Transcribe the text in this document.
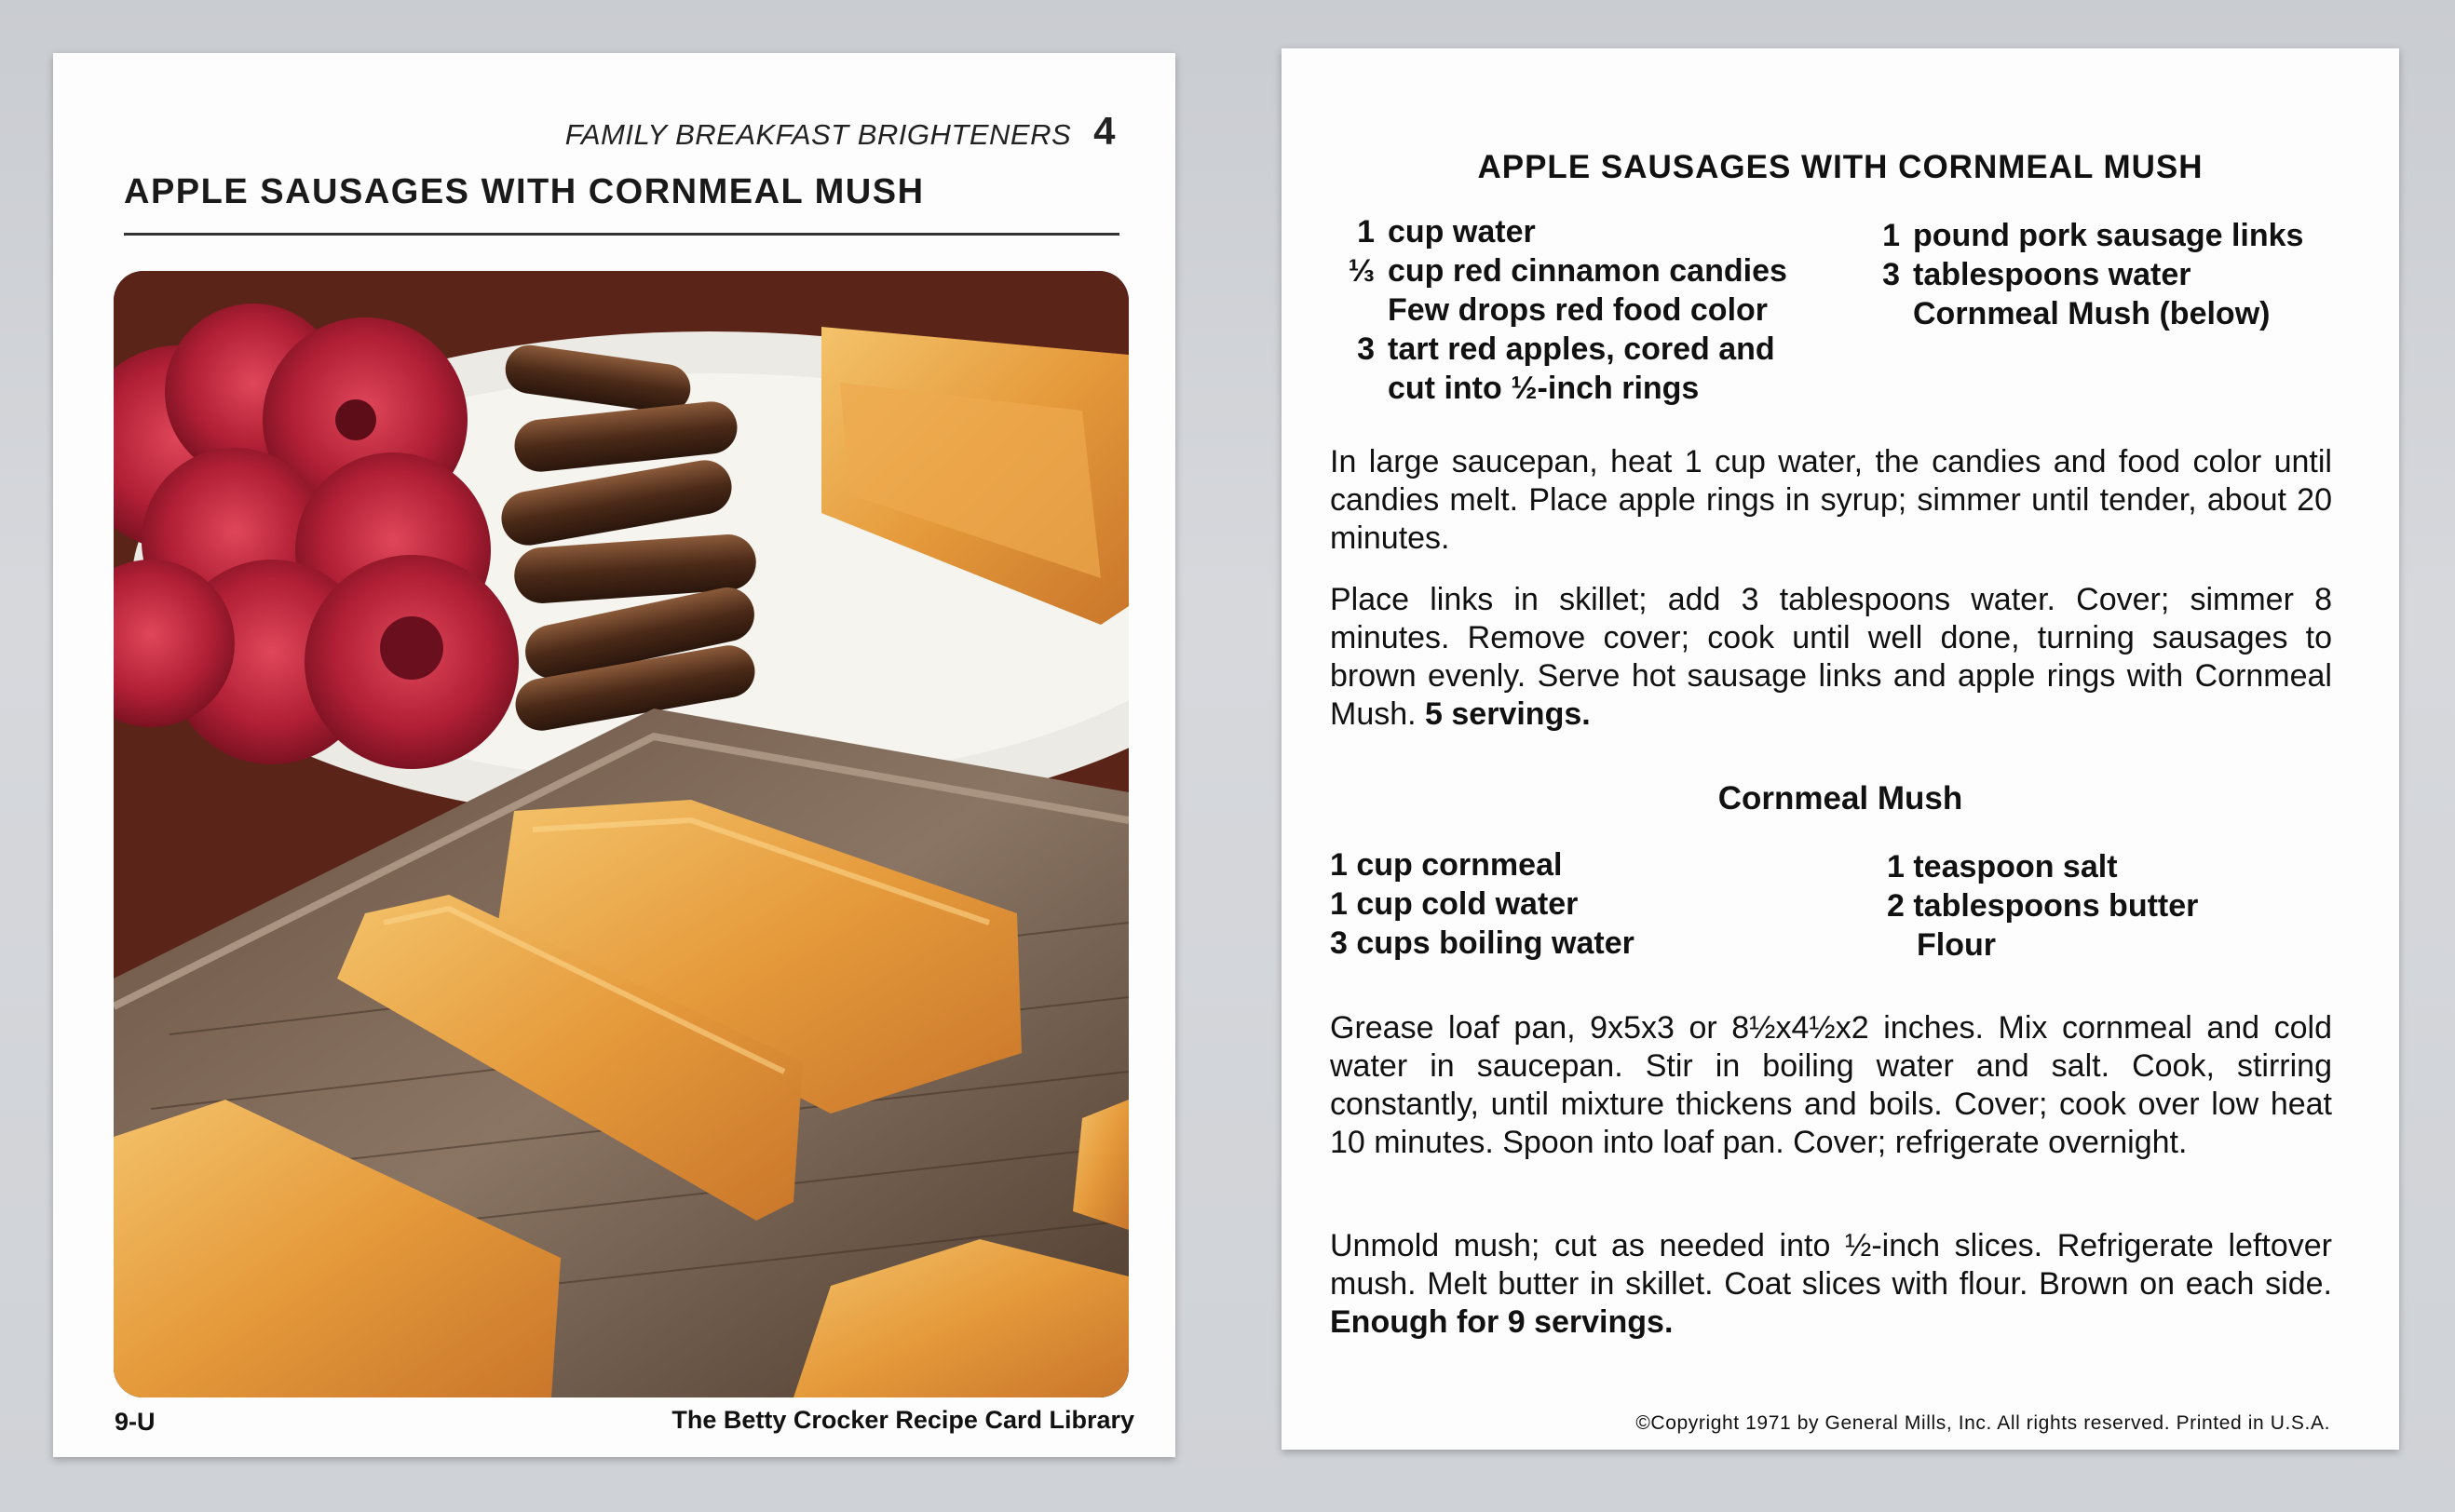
FAMILY BREAKFAST BRIGHTENERS 4
APPLE SAUSAGES WITH CORNMEAL MUSH
9-U	The Betty Crocker Recipe Card Library
APPLE SAUSAGES WITH CORNMEAL MUSH
1 cup water
⅓ cup red cinnamon candies
Few drops red food color
3 tart red apples, cored and
cut into ½-inch rings
1 pound pork sausage links
3 tablespoons water
Cornmeal Mush (below)
In large saucepan, heat 1 cup water, the candies and food color until candies melt. Place apple rings in syrup; simmer until tender, about 20 minutes.
Place links in skillet; add 3 tablespoons water. Cover; simmer 8 minutes. Remove cover; cook until well done, turning sausages to brown evenly. Serve hot sausage links and apple rings with Cornmeal Mush. 5 servings.
Cornmeal Mush
1 cup cornmeal
1 cup cold water
3 cups boiling water
1 teaspoon salt
2 tablespoons butter
Flour
Grease loaf pan, 9x5x3 or 8½x4½x2 inches. Mix cornmeal and cold water in saucepan. Stir in boiling water and salt. Cook, stirring constantly, until mixture thickens and boils. Cover; cook over low heat 10 minutes. Spoon into loaf pan. Cover; refrigerate overnight.
Unmold mush; cut as needed into ½-inch slices. Refrigerate leftover mush. Melt butter in skillet. Coat slices with flour. Brown on each side. Enough for 9 servings.
©Copyright 1971 by General Mills, Inc. All rights reserved. Printed in U.S.A.
